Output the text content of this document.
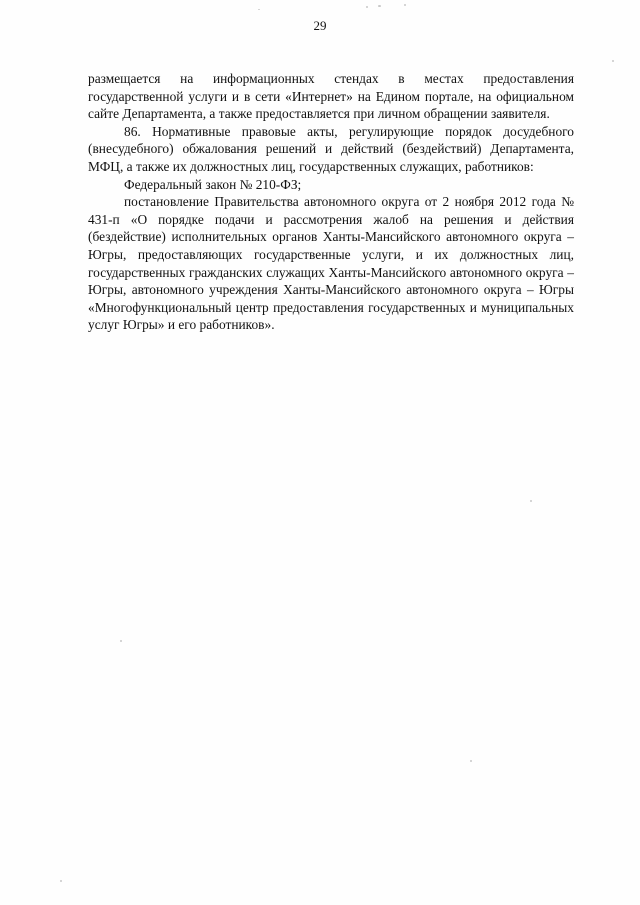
29

размещается на информационных стендах в местах предоставления государственной услуги и в сети «Интернет» на Едином портале, на официальном сайте Департамента, а также предоставляется при личном обращении заявителя.

86. Нормативные правовые акты, регулирующие порядок досудебного (внесудебного) обжалования решений и действий (бездействий) Департамента, МФЦ, а также их должностных лиц, государственных служащих, работников:

Федеральный закон № 210-ФЗ;

постановление Правительства автономного округа от 2 ноября 2012 года № 431-п «О порядке подачи и рассмотрения жалоб на решения и действия (бездействие) исполнительных органов Ханты-Мансийского автономного округа – Югры, предоставляющих государственные услуги, и их должностных лиц, государственных гражданских служащих Ханты-Мансийского автономного округа – Югры, автономного учреждения Ханты-Мансийского автономного округа – Югры «Многофункциональный центр предоставления государственных и муниципальных услуг Югры» и его работников».
